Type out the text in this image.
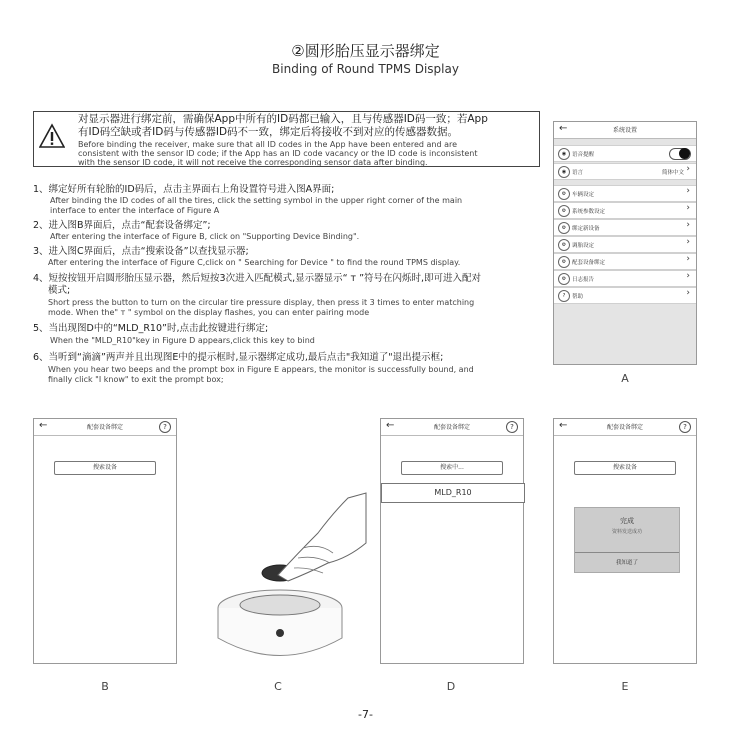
②圆形胎压显示器绑定
Binding of Round TPMS Display
对显示器进行绑定前，需确保App中所有的ID码都已输入，且与传感器ID码一致；若App
有ID码空缺或者ID码与传感器ID码不一致，绑定后将接收不到对应的传感器数据。
Before binding the receiver, make sure that all ID codes in the App have been entered and are
consistent with the sensor ID code; if the App has an ID code vacancy or the ID code is inconsistent
with the sensor ID code, it will not receive the corresponding sensor data after binding.
1、绑定好所有轮胎的ID码后，点击主界面右上角设置符号进入图A界面;
After binding the ID codes of all the tires, click the setting symbol in the upper right corner of the main
interface to enter the interface of Figure A
2、进入图B界面后，点击“配套设备绑定”;
After entering the interface of Figure B, click on "Supporting Device Binding".
3、进入图C界面后，点击“搜索设备”以查找显示器;
After entering the interface of Figure C,click on " Searching for Device " to find the round TPMS display.
4、短按按钮开启圆形胎压显示器，然后短按3次进入匹配模式,显示器显示“ ᴛ ”符号在闪烁时,即可进入配对
模式;
Short press the button to turn on the circular tire pressure display, then press it 3 times to enter matching
mode. When the" ᴛ " symbol on the display flashes, you can enter pairing mode
5、当出现图D中的“MLD_R10”时,点击此按键进行绑定;
When the "MLD_R10"key in Figure D appears,click this key to bind
6、当听到“滴滴”两声并且出现图E中的提示框时,显示器绑定成功,最后点击"我知道了"退出提示框;
When you hear two beeps and the prompt box in Figure E appears, the monitor is successfully bound, and
finally click "I know" to exit the prompt box;
←	系统设置
◉	语音提醒
◉	语言	简体中文 ›
⚙	车辆设定	›
⚙	系统参数设定	›
⚙	绑定新设备	›
⚙	调胎设定	›
⚙	配套设备绑定	›
⚙	日志报告	›
?	帮助	›
A
←	配套设备绑定	?
搜索设备
B	C
←	配套设备绑定	?
搜索中...
MLD_R10
D
←	配套设备绑定	?
搜索设备
完成
资料发送成功
我知道了
E
-7-
